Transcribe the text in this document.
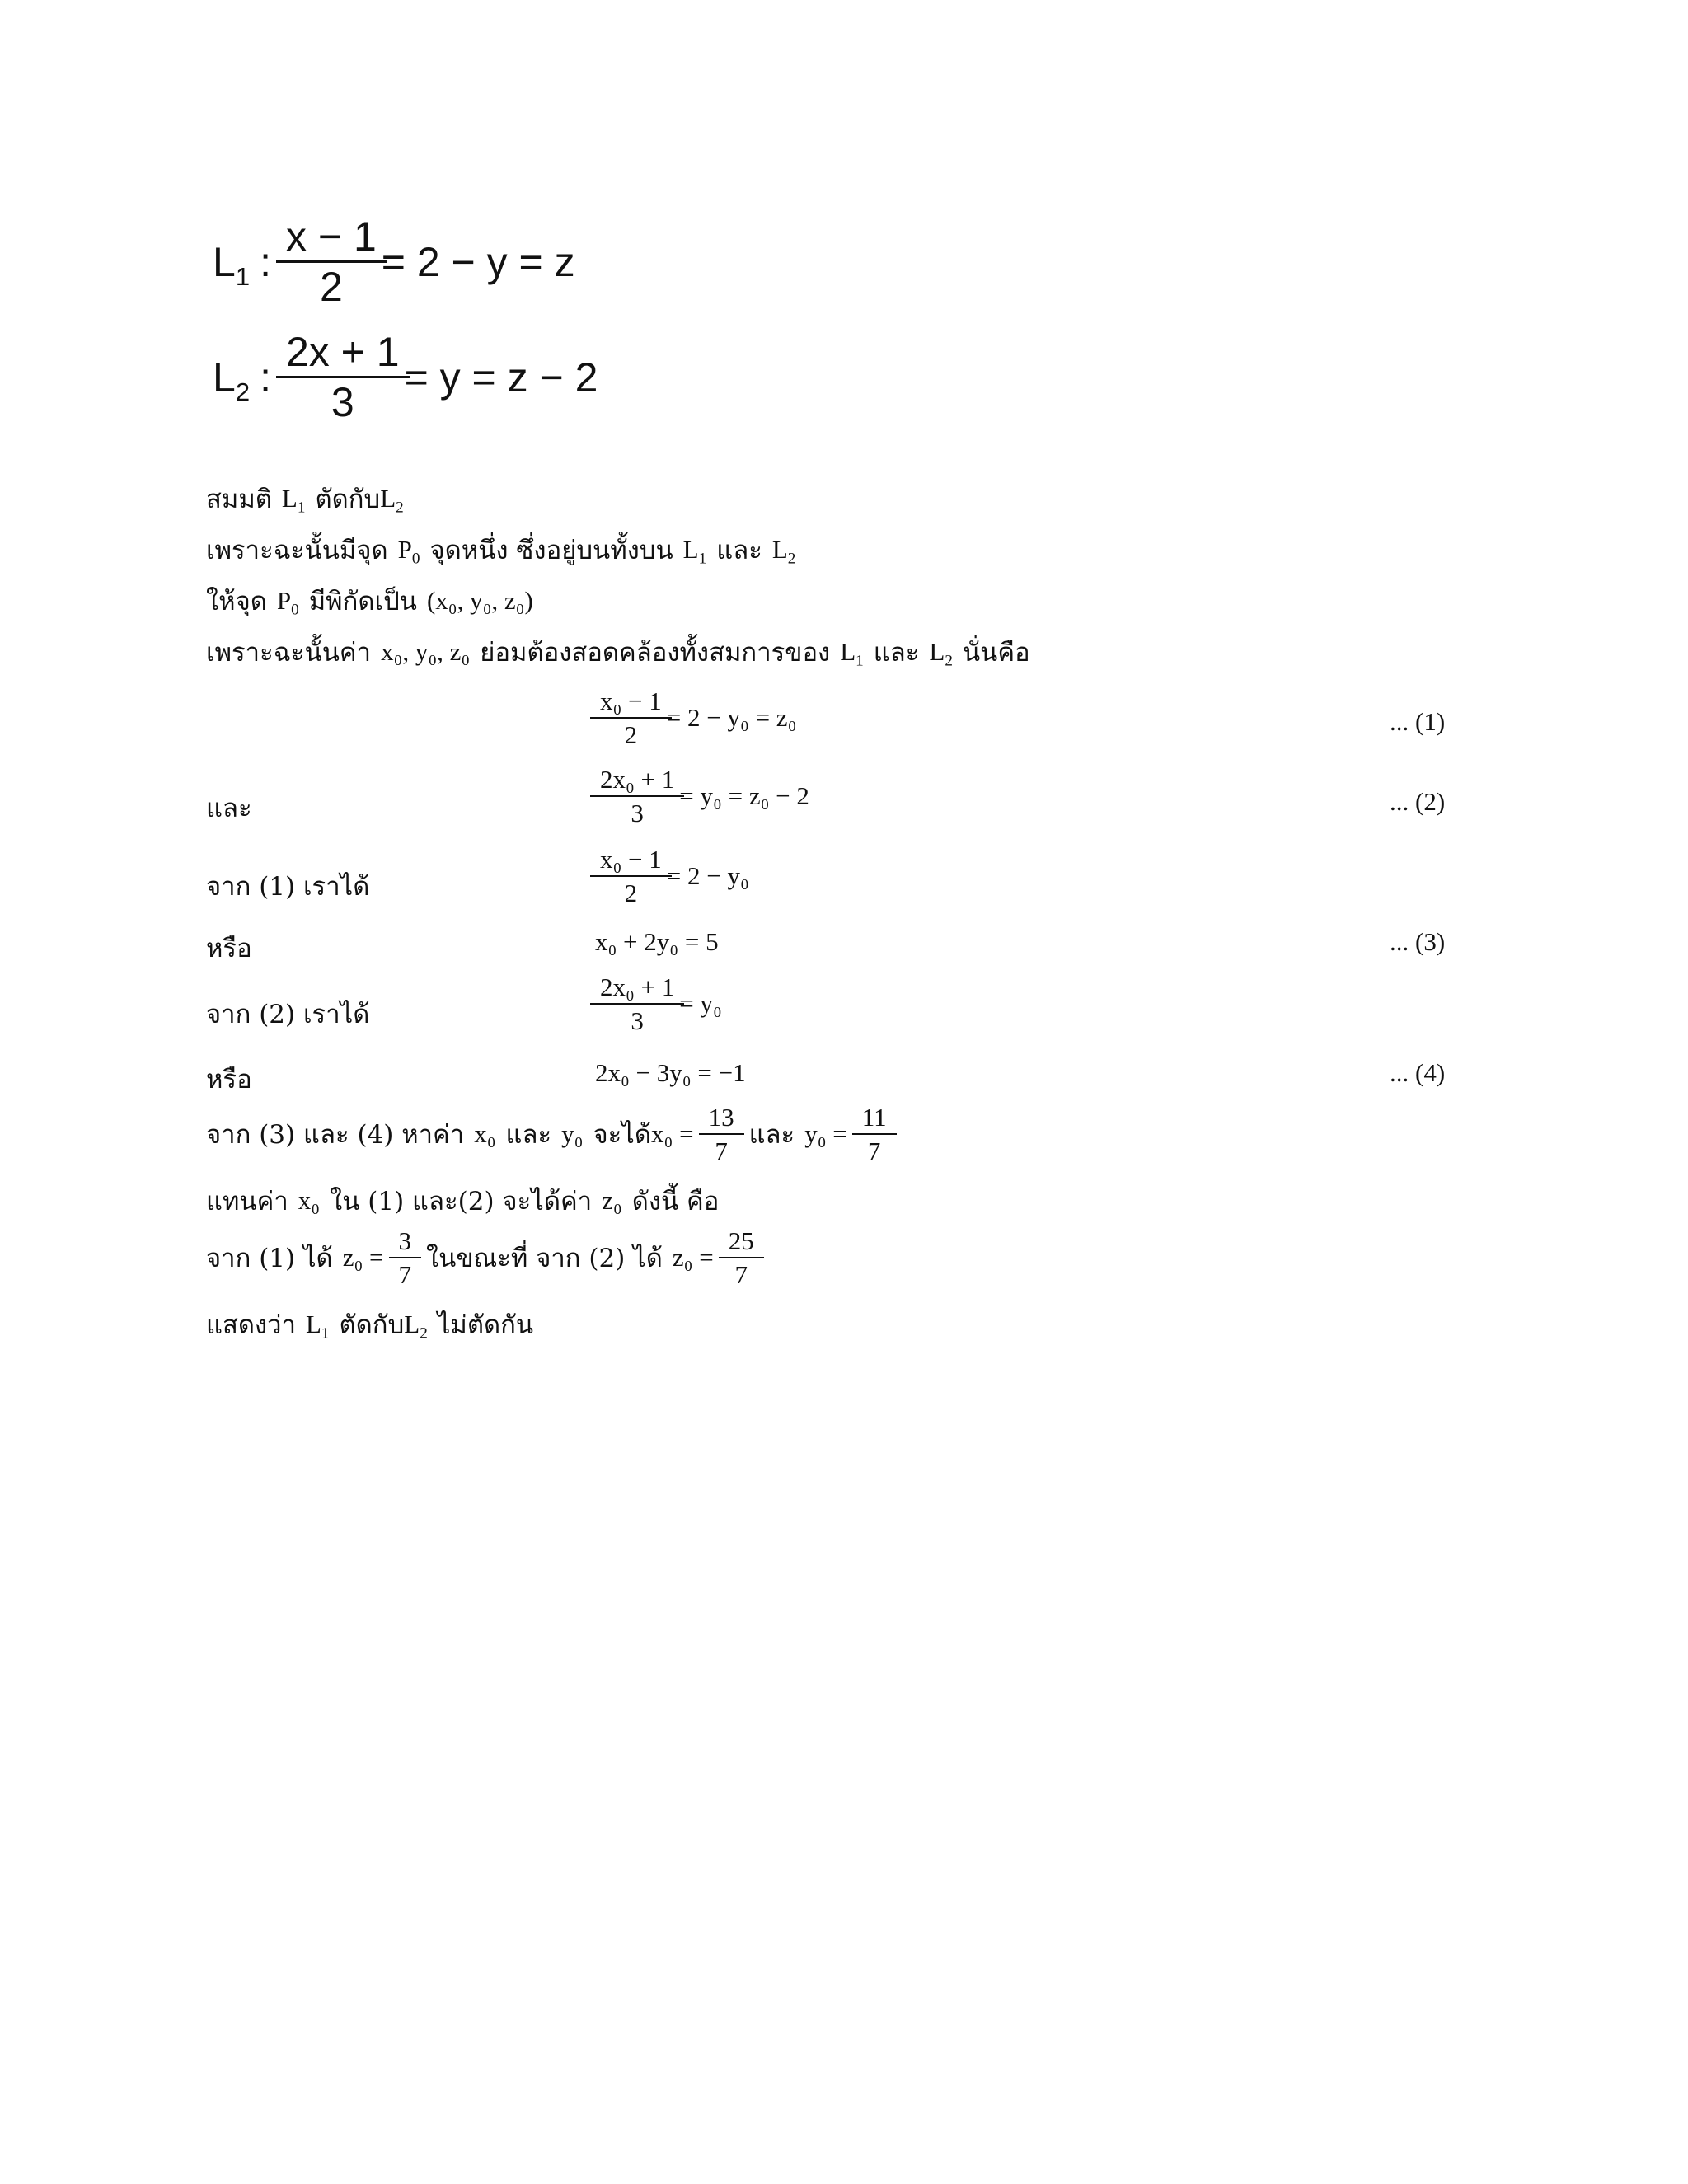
$L_1$ : $\frac{x - 1}{2} = 2 - y = z$
$L_2$ : $\frac{2x + 1}{3} = y = z - 2$
สมมติ $L_1$ ตัดกับ $L_2$
เพราะฉะนั้นมีจุด $P_0$ จุดหนึ่ง ซึ่งอยู่บนทั้งบน $L_1$ และ $L_2$
ให้จุด $P_0$ มีพิกัดเป็น (x₀, y₀, z₀)
เพราะฉะนั้นค่า x₀, y₀, z₀ ย่อมต้องสอดคล้องทั้งสมการของ $L_1$ และ $L_2$ นั่นคือ
$\frac{\text{x₀ − 1}}{2} = 2 - y_0 = z_0$	... (1)
และ	$\frac{\text{2x₀ + 1}}{3} = y_0 = z_0 - 2$	... (2)
จาก (1) เราได้	$\frac{\text{x₀ − 1}}{2} = 2 - y_0$
หรือ	x₀ + 2y₀ = 5	... (3)
จาก (2) เราได้	$\frac{\text{2x₀ + 1}}{3} = y_0$
หรือ	2x₀ − 3y₀ = −1	... (4)
จาก (3) และ (4) หาค่า x₀ และ y₀ จะได้ $x_0 = \frac{13}{7}$ และ $y_0 = \frac{11}{7}$
แทนค่า x₀ ใน (1) และ(2) จะได้ค่า z₀ ดังนี้ คือ
จาก (1) ได้ $z_0 = \frac{3}{7}$ ในขณะที่ จาก (2) ได้ $z_0 = \frac{25}{7}$
แสดงว่า $L_1$ ตัดกับ $L_2$ ไม่ตัดกัน
